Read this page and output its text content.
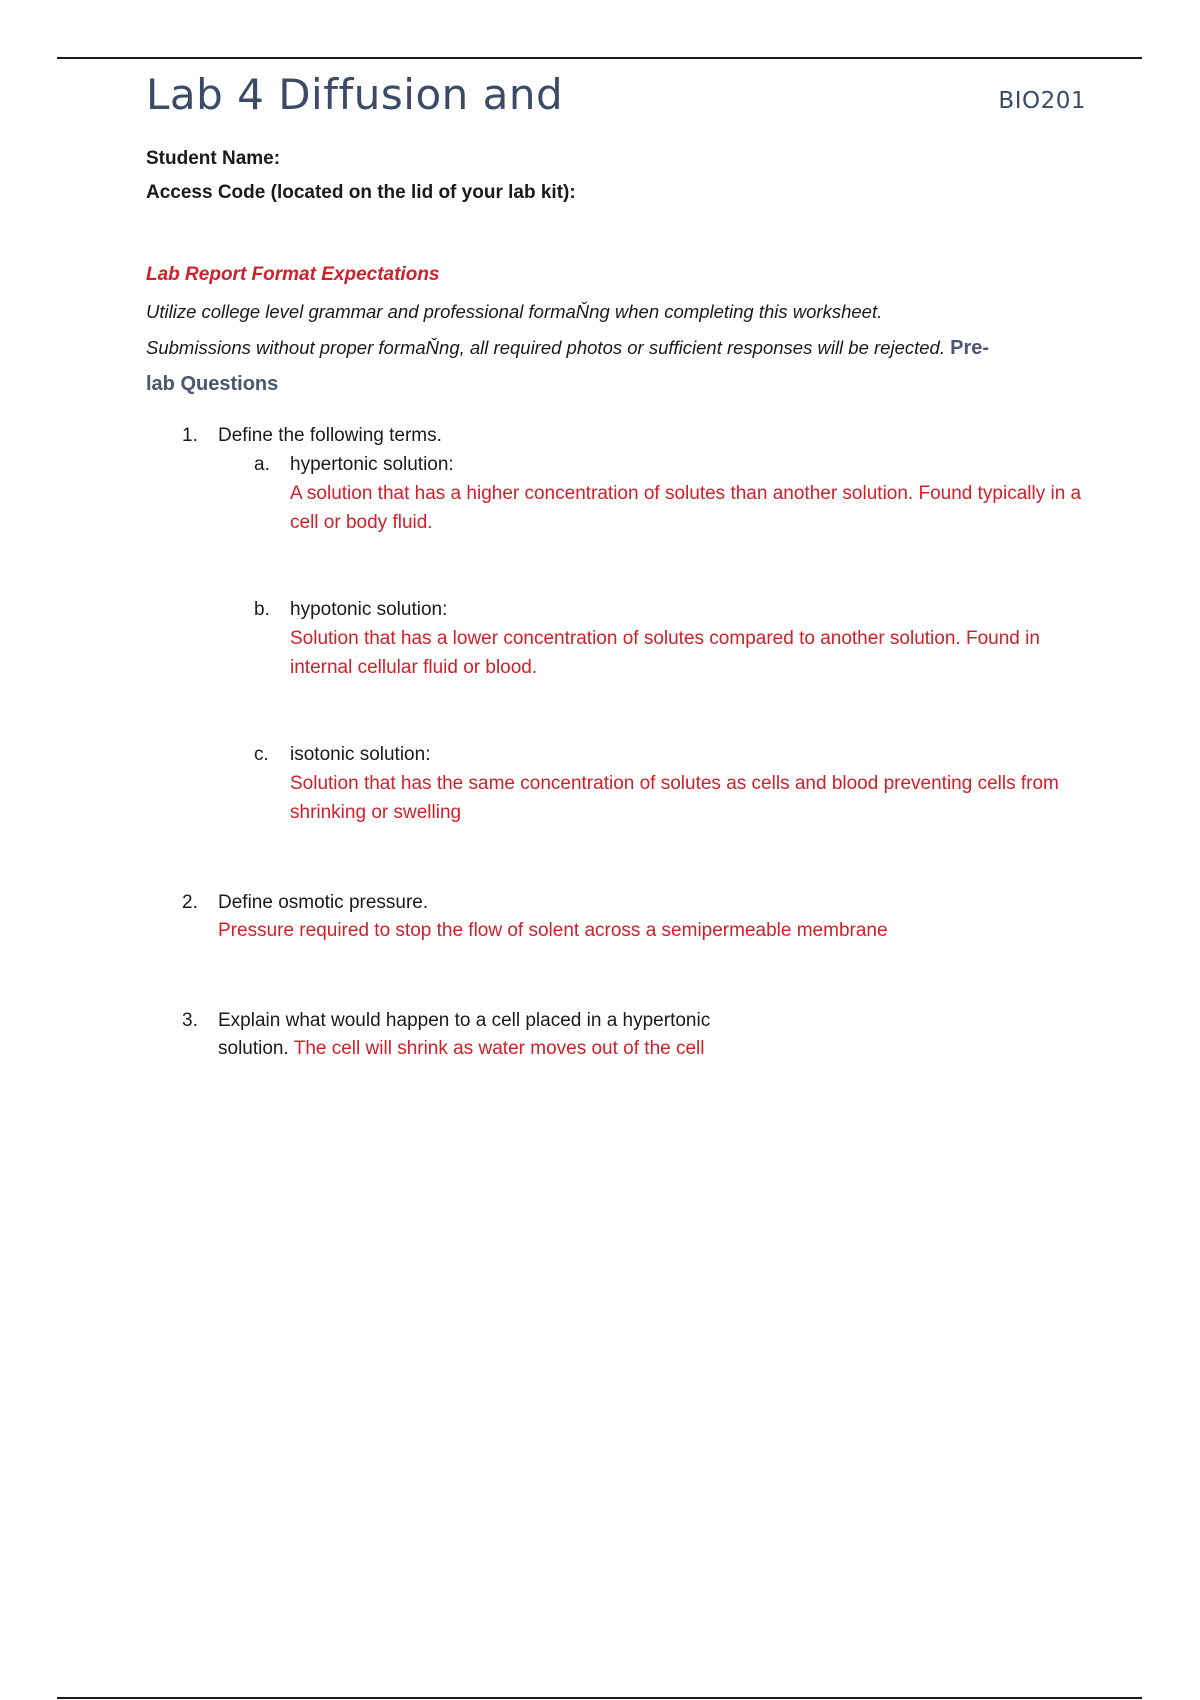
Lab 4 Diffusion and	BIO201
Student Name:
Access Code (located on the lid of your lab kit):
Lab Report Format Expectations
Utilize college level grammar and professional formaŇng when completing this worksheet.
Submissions without proper formaŇng, all required photos or sufficient responses will be rejected. Pre-
lab Questions
1. Define the following terms.
a. hypertonic solution:
A solution that has a higher concentration of solutes than another solution. Found typically in a cell or body fluid.
b. hypotonic solution:
Solution that has a lower concentration of solutes compared to another solution. Found in internal cellular fluid or blood.
c. isotonic solution:
Solution that has the same concentration of solutes as cells and blood preventing cells from shrinking or swelling
2. Define osmotic pressure.
Pressure required to stop the flow of solent across a semipermeable membrane
3. Explain what would happen to a cell placed in a hypertonic solution. The cell will shrink as water moves out of the cell
